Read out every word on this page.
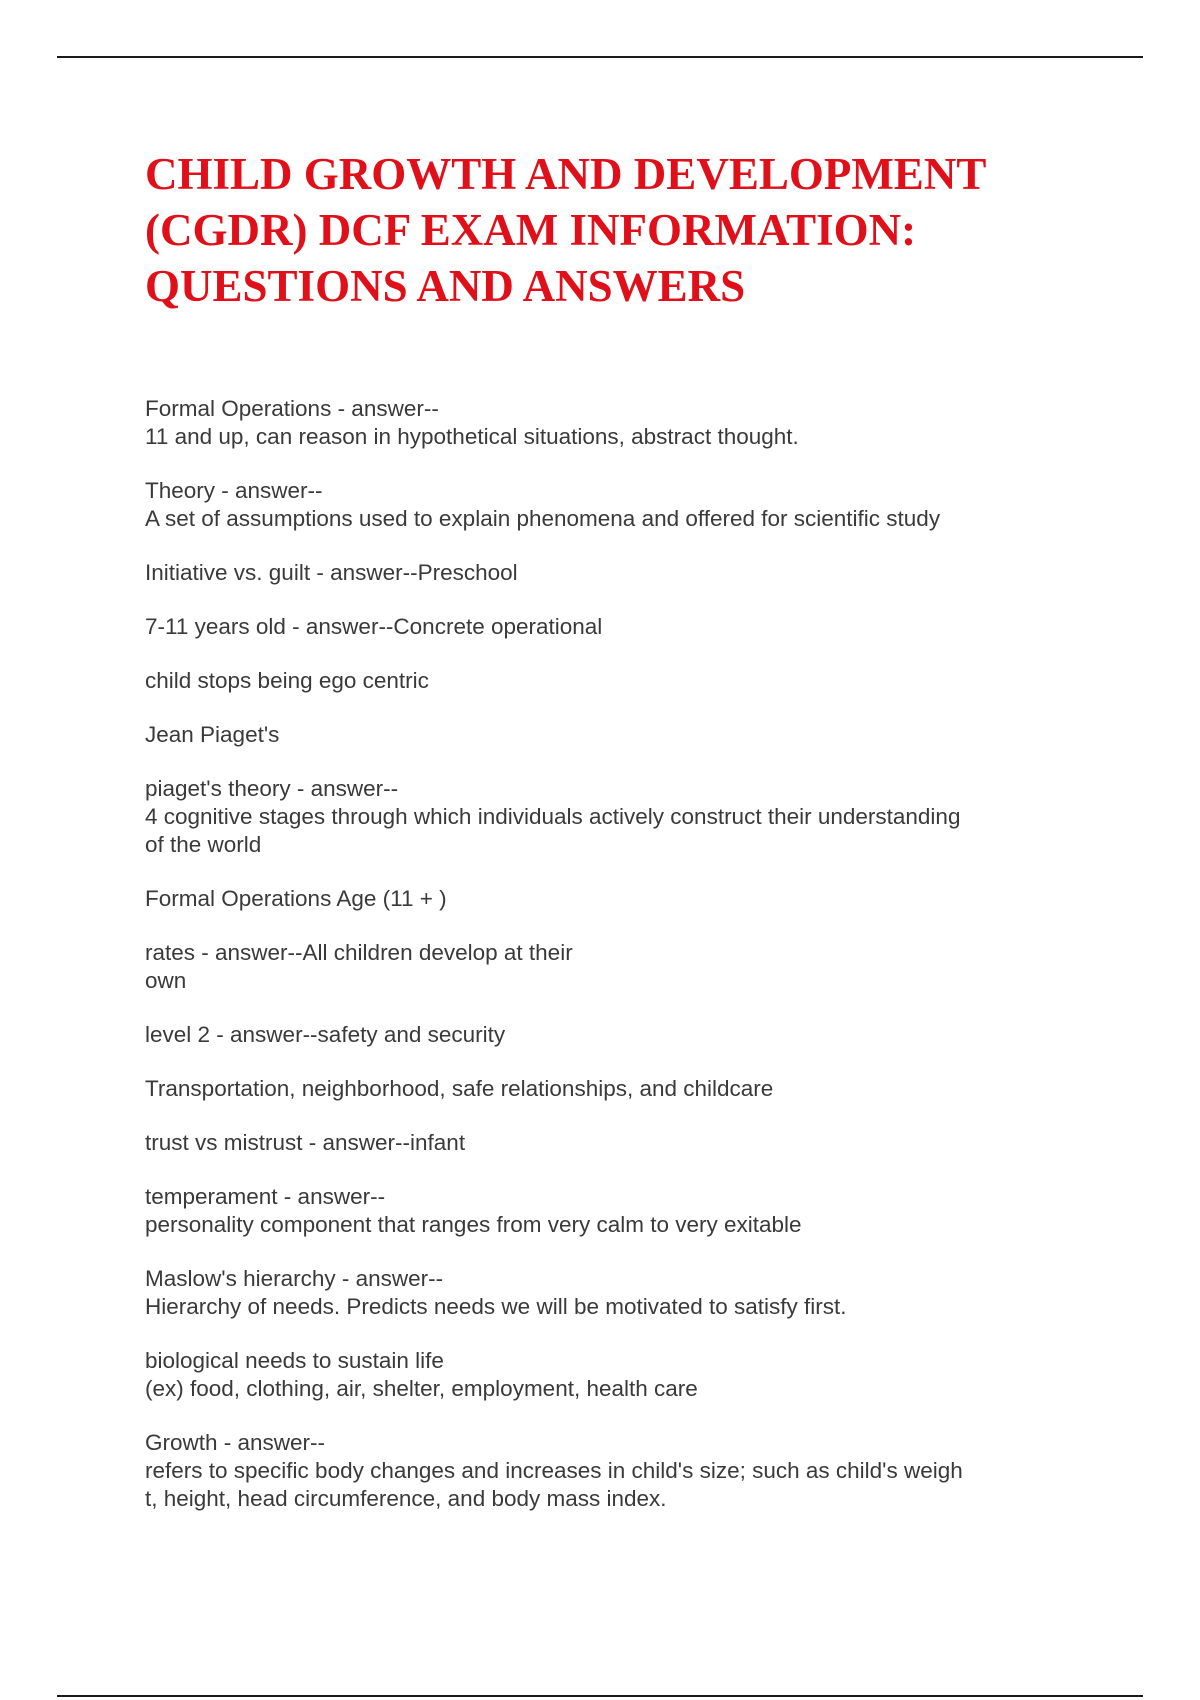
CHILD GROWTH AND DEVELOPMENT
(CGDR) DCF EXAM INFORMATION:
QUESTIONS AND ANSWERS

Formal Operations - answer--
11 and up, can reason in hypothetical situations, abstract thought.

Theory - answer--
A set of assumptions used to explain phenomena and offered for scientific study

Initiative vs. guilt - answer--Preschool

7-11 years old - answer--Concrete operational

child stops being ego centric

Jean Piaget's

piaget's theory - answer--
4 cognitive stages through which individuals actively construct their understanding
of the world

Formal Operations Age (11 + )

rates - answer--All children develop at their
own

level 2 - answer--safety and security

Transportation, neighborhood, safe relationships, and childcare

trust vs mistrust - answer--infant

temperament - answer--
personality component that ranges from very calm to very exitable

Maslow's hierarchy - answer--
Hierarchy of needs. Predicts needs we will be motivated to satisfy first.

biological needs to sustain life
(ex) food, clothing, air, shelter, employment, health care

Growth - answer--
refers to specific body changes and increases in child's size; such as child's weigh
t, height, head circumference, and body mass index.
